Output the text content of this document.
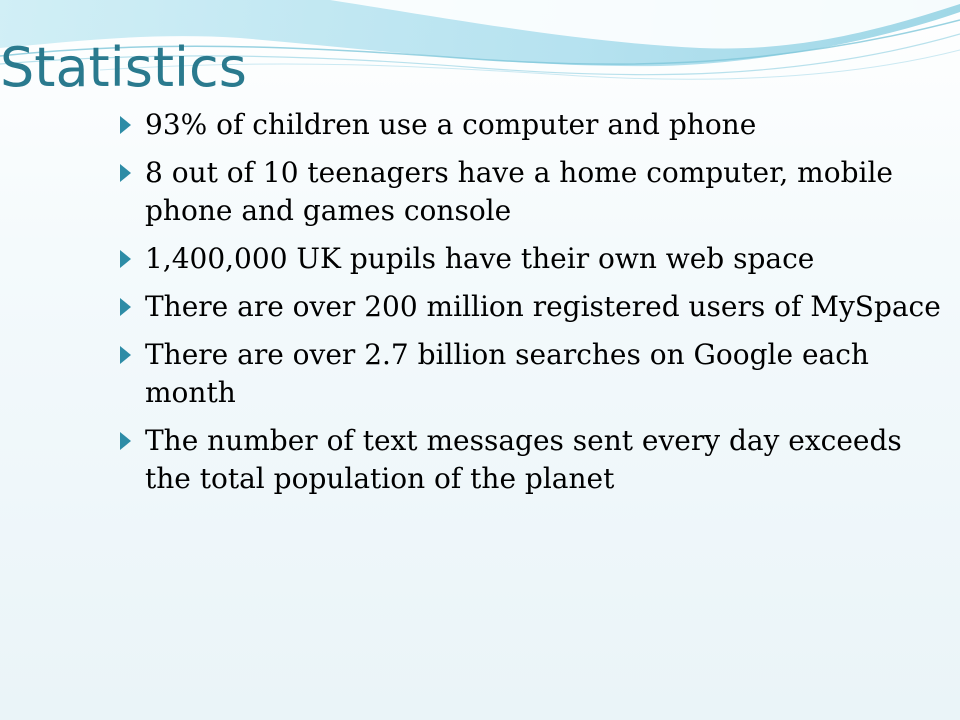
Statistics
93% of children use a computer and phone
8 out of 10 teenagers have a home computer, mobile phone and games console
1,400,000 UK pupils have their own web space
There are over 200 million registered users of MySpace
There are over 2.7 billion searches on Google each month
The number of text messages sent every day exceeds the total population of the planet
